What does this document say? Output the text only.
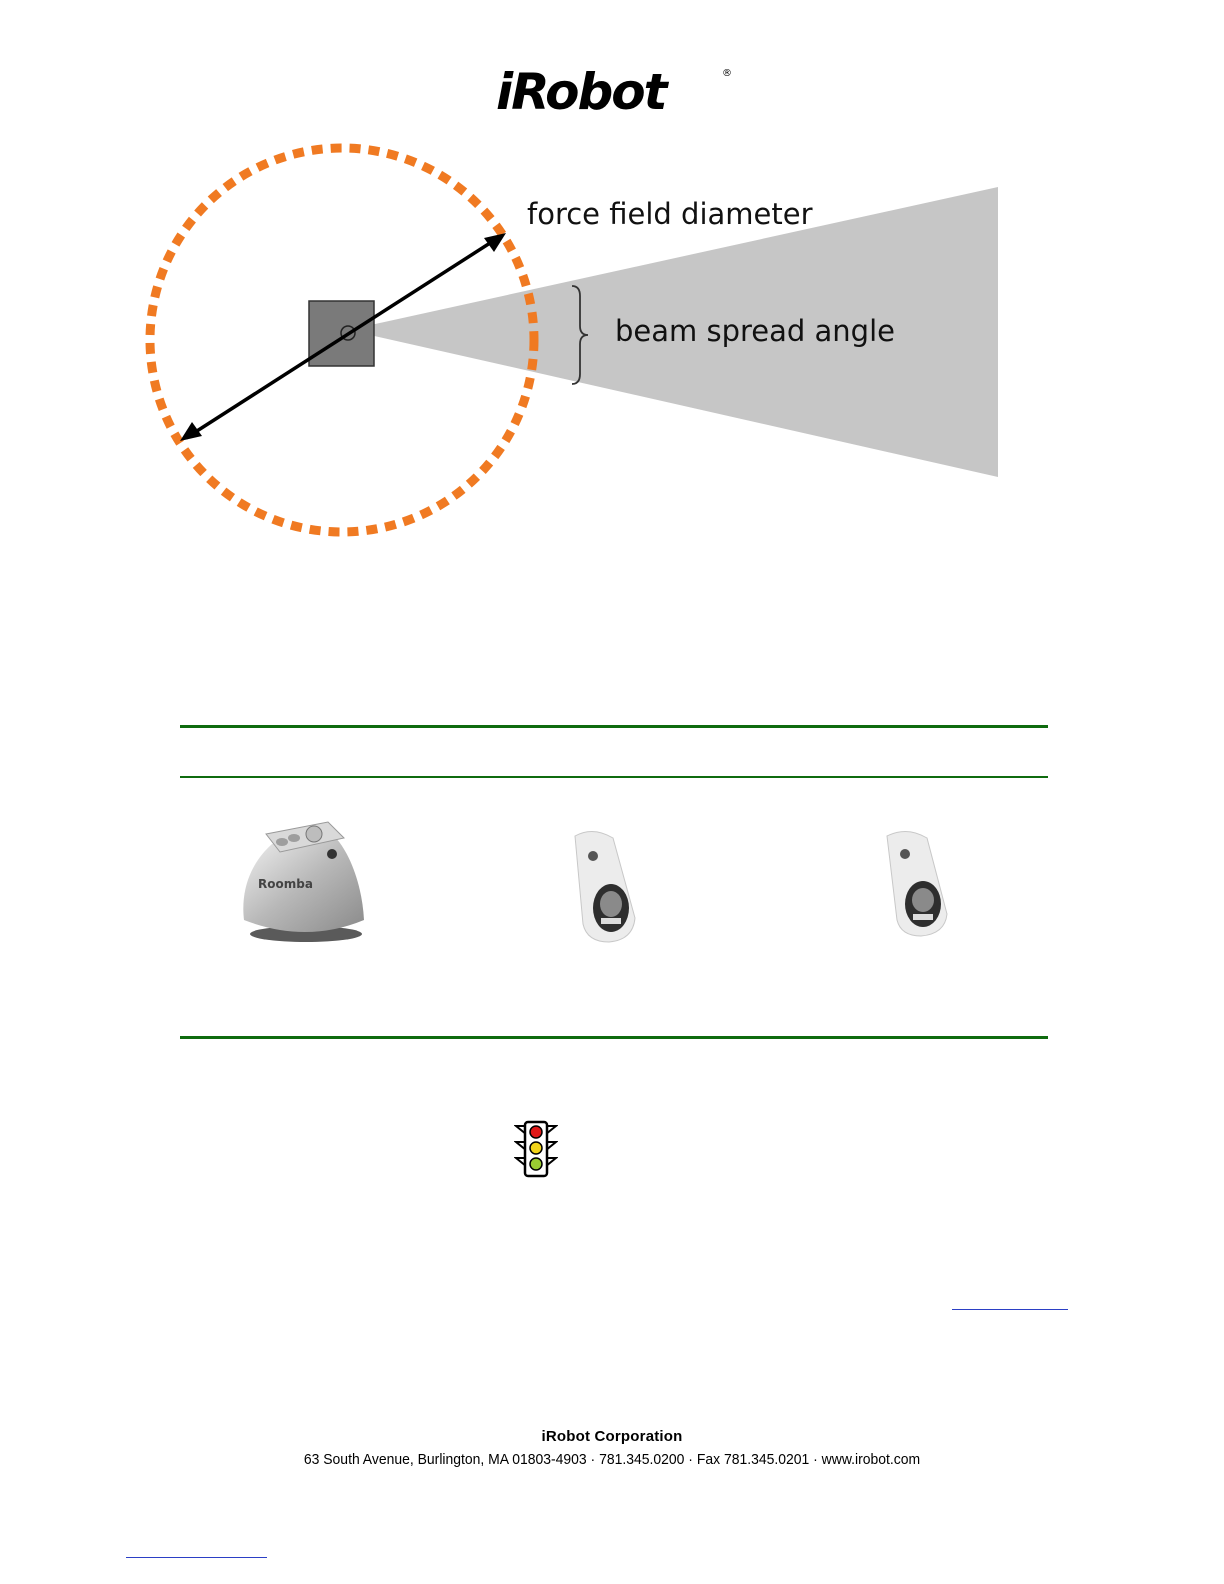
iRobot	®
force field diameter
beam spread angle
Roomba
iRobot Corporation
63 South Avenue, Burlington, MA 01803-4903 · 781.345.0200 · Fax 781.345.0201 · www.irobot.com
